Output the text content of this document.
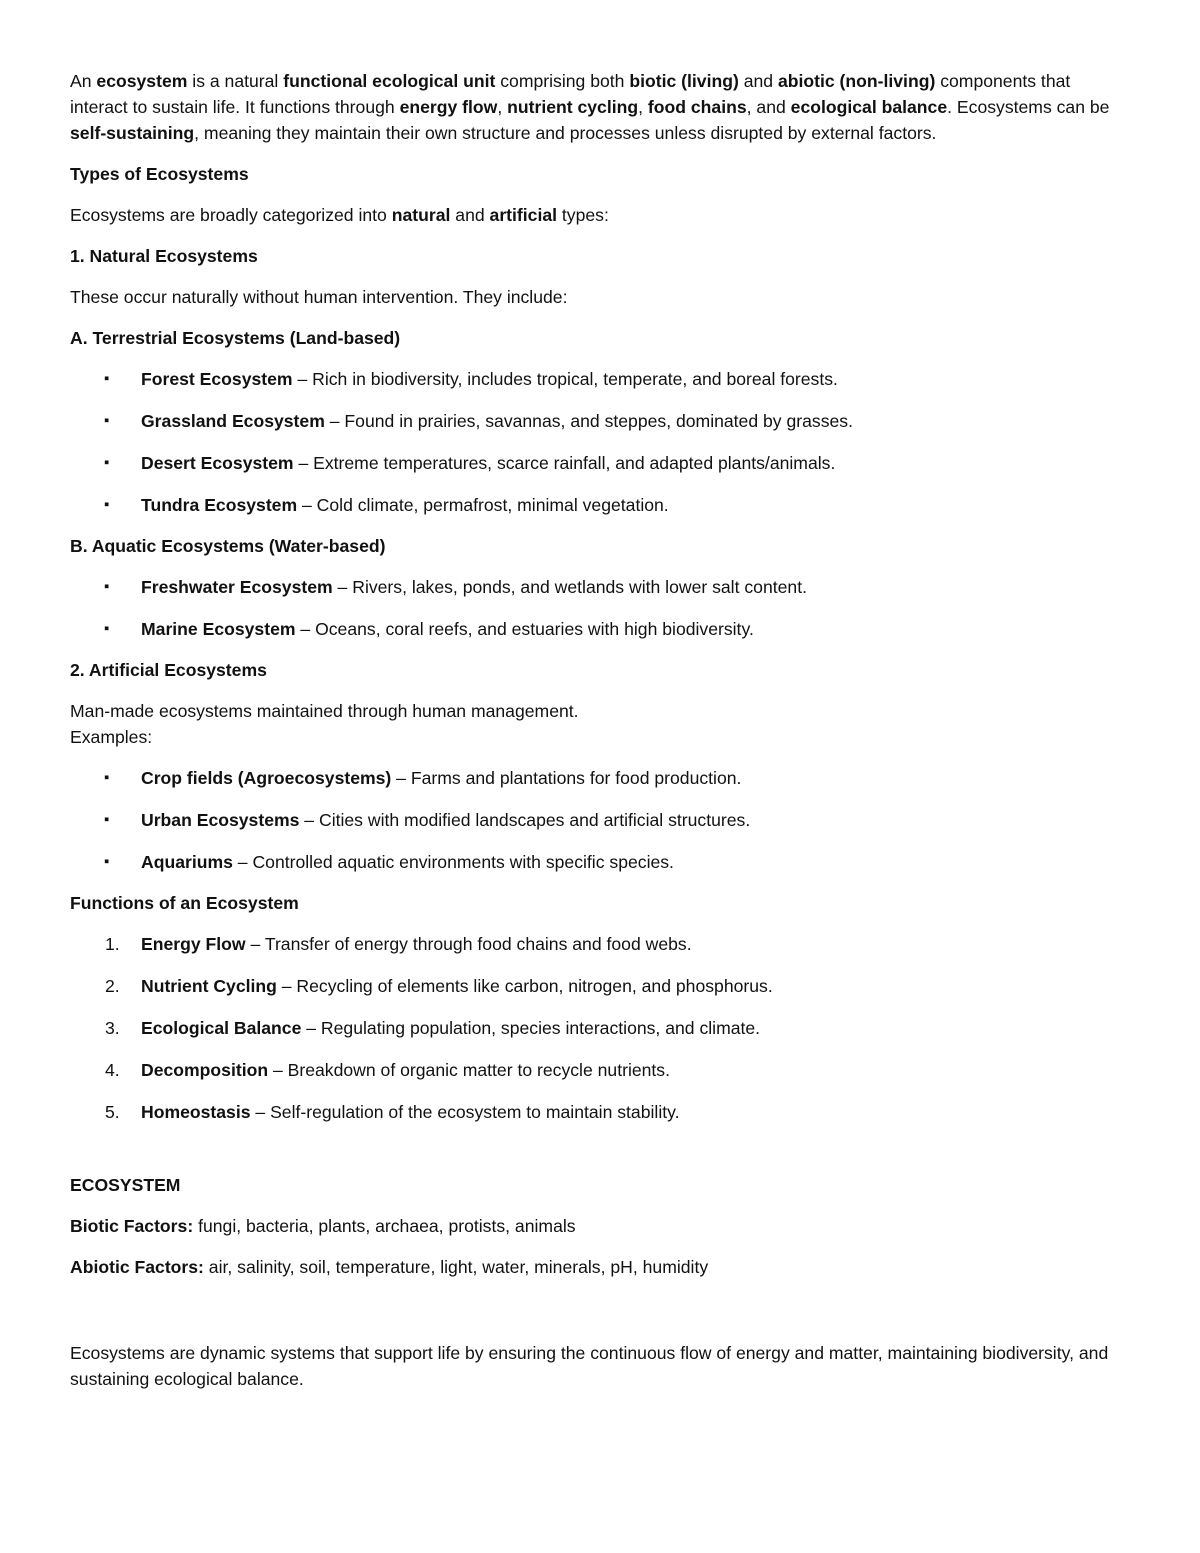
An ecosystem is a natural functional ecological unit comprising both biotic (living) and abiotic (non-living) components that interact to sustain life. It functions through energy flow, nutrient cycling, food chains, and ecological balance. Ecosystems can be self-sustaining, meaning they maintain their own structure and processes unless disrupted by external factors.

Types of Ecosystems

Ecosystems are broadly categorized into natural and artificial types:

1. Natural Ecosystems

These occur naturally without human intervention. They include:

A. Terrestrial Ecosystems (Land-based)

▪	Forest Ecosystem – Rich in biodiversity, includes tropical, temperate, and boreal forests.
▪	Grassland Ecosystem – Found in prairies, savannas, and steppes, dominated by grasses.
▪	Desert Ecosystem – Extreme temperatures, scarce rainfall, and adapted plants/animals.
▪	Tundra Ecosystem – Cold climate, permafrost, minimal vegetation.

B. Aquatic Ecosystems (Water-based)

▪	Freshwater Ecosystem – Rivers, lakes, ponds, and wetlands with lower salt content.
▪	Marine Ecosystem – Oceans, coral reefs, and estuaries with high biodiversity.

2. Artificial Ecosystems

Man-made ecosystems maintained through human management.
Examples:

▪	Crop fields (Agroecosystems) – Farms and plantations for food production.
▪	Urban Ecosystems – Cities with modified landscapes and artificial structures.
▪	Aquariums – Controlled aquatic environments with specific species.

Functions of an Ecosystem

1.	Energy Flow – Transfer of energy through food chains and food webs.
2.	Nutrient Cycling – Recycling of elements like carbon, nitrogen, and phosphorus.
3.	Ecological Balance – Regulating population, species interactions, and climate.
4.	Decomposition – Breakdown of organic matter to recycle nutrients.
5.	Homeostasis – Self-regulation of the ecosystem to maintain stability.

ECOSYSTEM

Biotic Factors: fungi, bacteria, plants, archaea, protists, animals

Abiotic Factors: air, salinity, soil, temperature, light, water, minerals, pH, humidity

Ecosystems are dynamic systems that support life by ensuring the continuous flow of energy and matter, maintaining biodiversity, and sustaining ecological balance.
